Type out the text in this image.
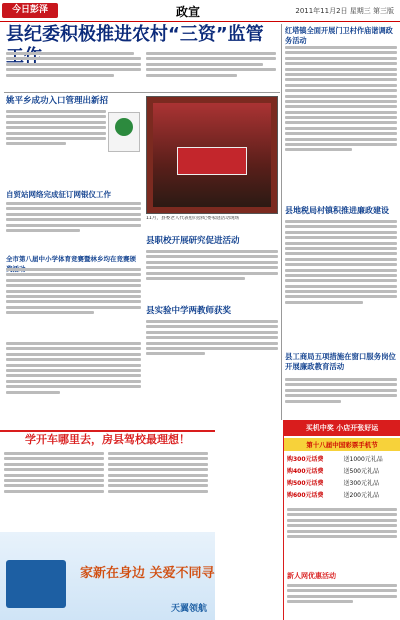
今日彭泽	政宣	2011年11月2日 星期三 第三版
县纪委积极推进农村“三资”监管
姚平乡成功入口管理出新招
自贸站网络完成征订网银仪工作
全市第八届中小学体育竞赛暨林乡均在竞赛颁
11月，县委老人代表慰问县纪委家庭活动现场
县职校开展研究促进活动
县实验中学两教师获奖
红塔镇全面开展门卫村作庙谐调政务活动
县地税局村镇积推进廉政建设
县工商局五项措施在窗口服务岗位开展廉政教育活动
学开车哪里去，房县驾校最理想！
家新在身边 关爱不同寻
天翼领航
买机中奖 小店开张好运
第十八届中国彩票手机节
购300元话费
购400元话费
购500元话费
购600元话费
送1000元礼品
送500元礼品
送300元礼品
送200元礼品
新人网优惠活动
